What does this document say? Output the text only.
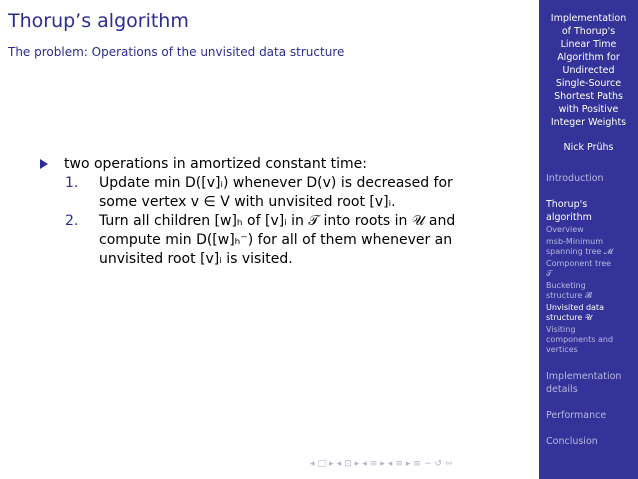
Thorup’s algorithm
The problem: Operations of the unvisited data structure
two operations in amortized constant time:
1. Update min D([v]ᵢ) whenever D(v) is decreased for
some vertex v ∈ V with unvisited root [v]ᵢ.
2. Turn all children [w]ₕ of [v]ᵢ in 𝒯 into roots in 𝒰 and
compute min D([w]ₕ⁻) for all of them whenever an
unvisited root [v]ᵢ is visited.
◂ □ ▸ ◂ ⊡ ▸ ◂ ≡ ▸ ◂ ≡ ▸ ≡ ∽ ↺ ∾
Implementation
of Thorup's
Linear Time
Algorithm for
Undirected
Single-Source
Shortest Paths
with Positive
Integer Weights
Nick Prühs
Introduction
Thorup's
algorithm
Overview
msb-Minimum
spanning tree 𝓜
Component tree
𝒯
Bucketing
structure 𝓑
Unvisited data
structure 𝒰
Visiting
components and
vertices
Implementation
details
Performance
Conclusion
